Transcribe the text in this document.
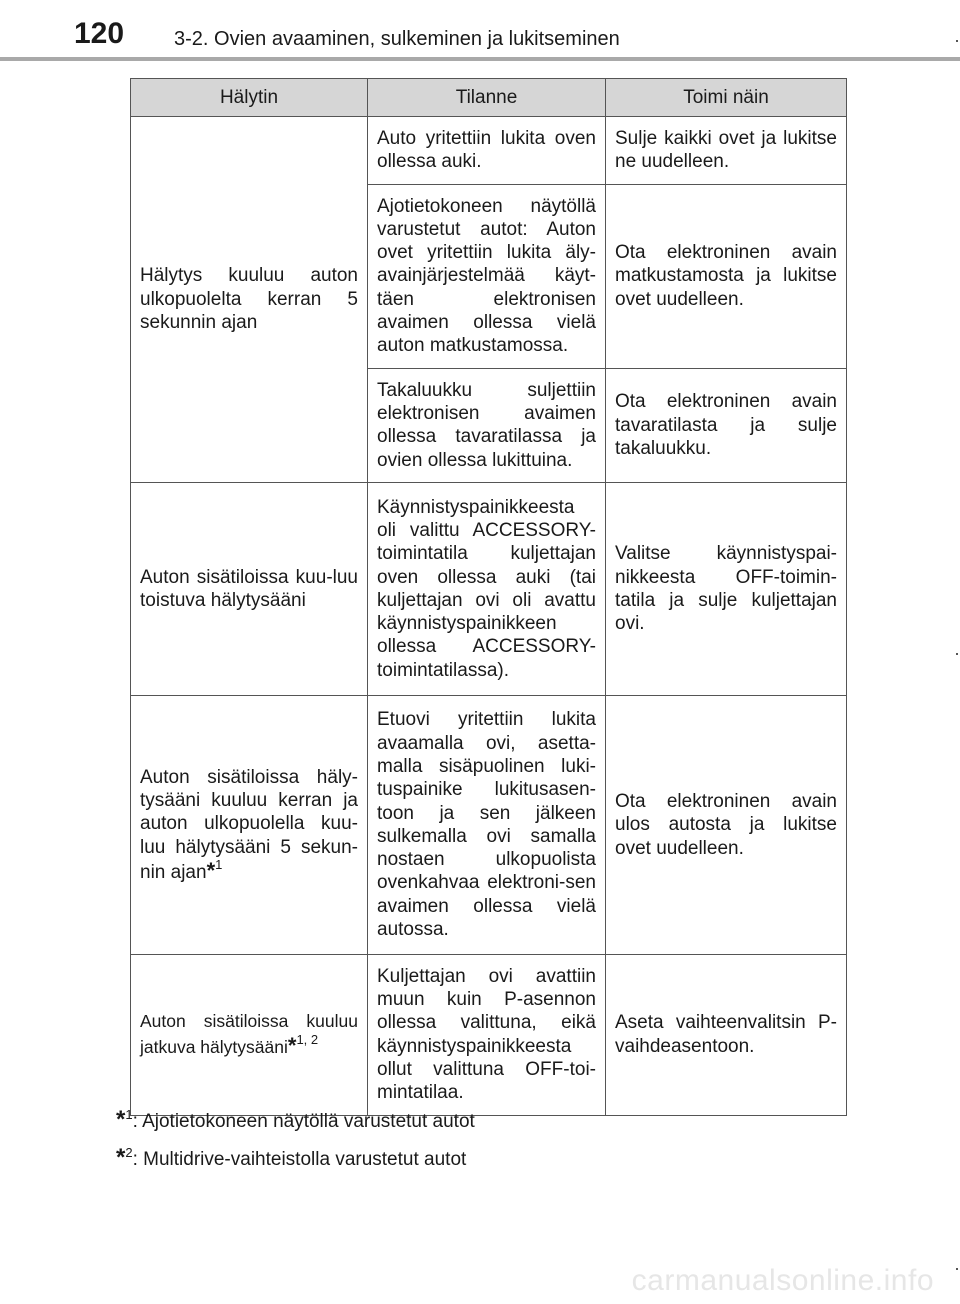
120 3-2. Ovien avaaminen, sulkeminen ja lukitseminen
Hälytin	Tilanne	Toimi näin
Hälytys kuuluu auton ulkopuolelta kerran 5 sekunnin ajan	Auto yritettiin lukita oven ollessa auki.	Sulje kaikki ovet ja lukitse ne uudelleen.
	Ajotietokoneen näytöllä varustetut autot: Auton ovet yritettiin lukita äly-avainjärjestelmää käyt-täen elektronisen avaimen ollessa vielä auton matkustamossa.	Ota elektroninen avain matkustamosta ja lukitse ovet uudelleen.
	Takaluukku suljettiin elektronisen avaimen ollessa tavaratilassa ja ovien ollessa lukittuina.	Ota elektroninen avain tavaratilasta ja sulje takaluukku.
Auton sisätiloissa kuu-luu toistuva hälytysääni	Käynnistyspainikkeesta oli valittu ACCESSORY-toimintatila kuljettajan oven ollessa auki (tai kuljettajan ovi oli avattu käynnistyspainikkeen ollessa ACCESSORY-toimintatilassa).	Valitse käynnistyspai-nikkeesta OFF-toimin-tatila ja sulje kuljettajan ovi.
Auton sisätiloissa häly-tysääni kuuluu kerran ja auton ulkopuolella kuu-luu hälytysääni 5 sekun-nin ajan*$^1$	Etuovi yritettiin lukita avaamalla ovi, asetta-malla sisäpuolinen luki-tuspainike lukitusasen-toon ja sen jälkeen sulkemalla ovi samalla nostaen ulkopuolista ovenkahvaa elektroni-sen avaimen ollessa vielä autossa.	Ota elektroninen avain ulos autosta ja lukitse ovet uudelleen.
Auton sisätiloissa kuuluu jatkuva hälytysääni*$^{1, 2}$	Kuljettajan ovi avattiin muun kuin P-asennon ollessa valittuna, eikä käynnistyspainikkeesta ollut valittuna OFF-toi-mintatilaa.	Aseta vaihteenvalitsin P-vaihdeasentoon.
*$^1$: Ajotietokoneen näytöllä varustetut autot
*$^2$: Multidrive-vaihteistolla varustetut autot
carmanualsonline.info
